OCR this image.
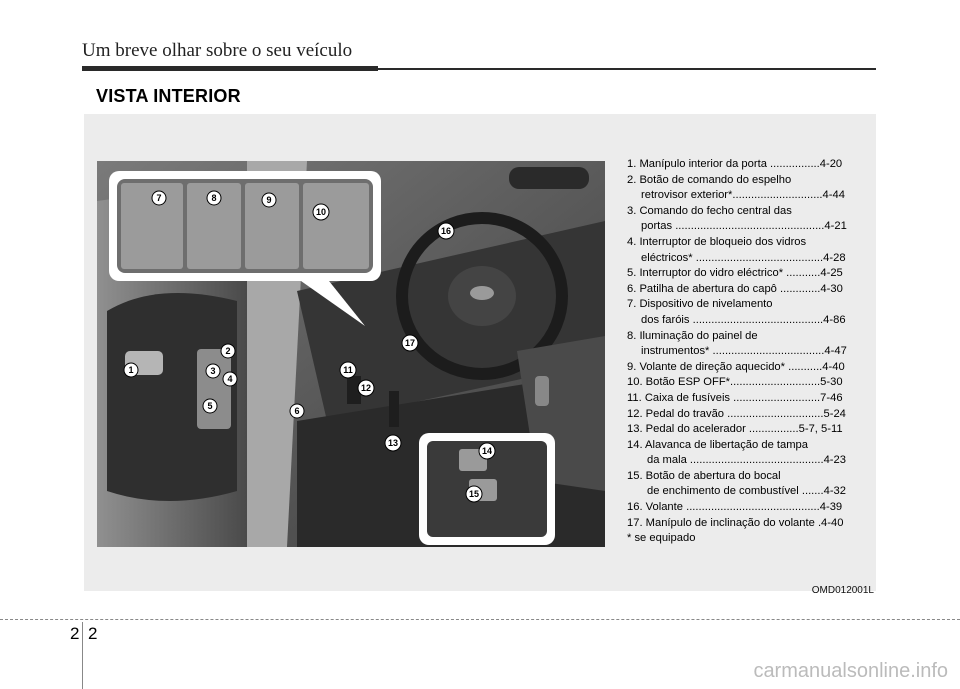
Um breve olhar sobre o seu veículo
VISTA INTERIOR
1
2
3
4
5	6
7	8	9
10
11
12
13
14
15
16
17
1. Manípulo interior da porta ................4-20
2. Botão de comando do espelho
retrovisor exterior*.............................4-44
3. Comando do fecho central das
portas ................................................4-21
4. Interruptor de bloqueio dos vidros
eléctricos* .........................................4-28
5. Interruptor do vidro eléctrico* ...........4-25
6. Patilha de abertura do capô .............4-30
7. Dispositivo de nivelamento
dos faróis ..........................................4-86
8. Iluminação do painel de
instrumentos* ....................................4-47
9. Volante de direção aquecido* ...........4-40
10. Botão ESP OFF*.............................5-30
11. Caixa de fusíveis ............................7-46
12. Pedal do travão ...............................5-24
13. Pedal do acelerador ................5-7, 5-11
14. Alavanca de libertação de tampa
da mala ...........................................4-23
15. Botão de abertura do bocal
de enchimento de combustível .......4-32
16. Volante ...........................................4-39
17. Manípulo de inclinação do volante .4-40
* se equipado
OMD012001L
2 2
carmanualsonline.info
